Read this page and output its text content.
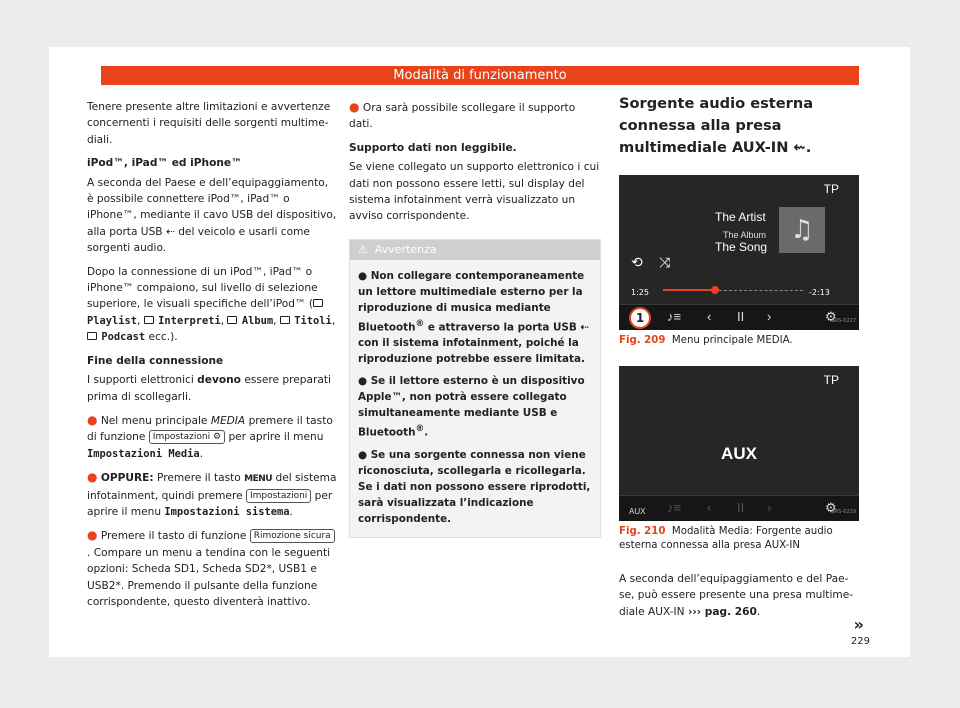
Modalità di funzionamento

Tenere presente altre limitazioni e avvertenze concernenti i requisiti delle sorgenti multimediali.

iPod™, iPad™ ed iPhone™

A seconda del Paese e dell’equipaggiamento, è possibile connettere iPod™, iPad™ o iPhone™, mediante il cavo USB del dispositivo, alla porta USB ⇠ del veicolo e usarli come sorgenti audio.

Dopo la connessione di un iPod™, iPad™ o iPhone™ compaiono, sul livello di selezione superiore, le visuali specifiche dell’iPod™ ( Playlist,  Interpreti,  Album,  Titoli,  Podcast ecc.).

Fine della connessione

I supporti elettronici devono essere preparati prima di scollegarli.

● Nel menu principale MEDIA premere il tasto di funzione Impostazioni ⚙ per aprire il menu Impostazioni Media.

● OPPURE: Premere il tasto MENU del sistema infotainment, quindi premere Impostazioni per aprire il menu Impostazioni sistema.

● Premere il tasto di funzione Rimozione sicura. Compare un menu a tendina con le seguenti opzioni: Scheda SD1, Scheda SD2*, USB1 e USB2*. Premendo il pulsante della funzione corrispondente, questo diventerà inattivo.

● Ora sarà possibile scollegare il supporto dati.

Supporto dati non leggibile.

Se viene collegato un supporto elettronico i cui dati non possono essere letti, sul display del sistema infotainment verrà visualizzato un avviso corrispondente.

⚠ Avvertenza

● Non collegare contemporaneamente un lettore multimediale esterno per la riproduzione di musica mediante Bluetooth® e attraverso la porta USB ⇠ con il sistema infotainment, poiché la riproduzione potrebbe essere limitata.

● Se il lettore esterno è un dispositivo Apple™, non potrà essere collegato simultaneamente mediante USB e Bluetooth®.

● Se una sorgente connessa non viene riconosciuta, scollegarla e ricollegarla. Se i dati non possono essere riprodotti, sarà visualizzata l’indicazione corrispondente.

Sorgente audio esterna connessa alla presa multimediale AUX-IN ⇜.
TP
The Artist
The Album
The Song
♫
⟲ ⤨
1:25	-2:13
1	♪≡ ‹ II ›	⚙
BRS-0227
Fig. 209 Menu principale MEDIA.
TP
AUX
AUX ♪≡ ‹ II ›	⚙
BRS-0229
Fig. 210 Modalità Media: Forgente audio esterna connessa alla presa AUX-IN

A seconda dell’equipaggiamento e del Paese, può essere presente una presa multimediale AUX-IN ››› pag. 260.

»
229
